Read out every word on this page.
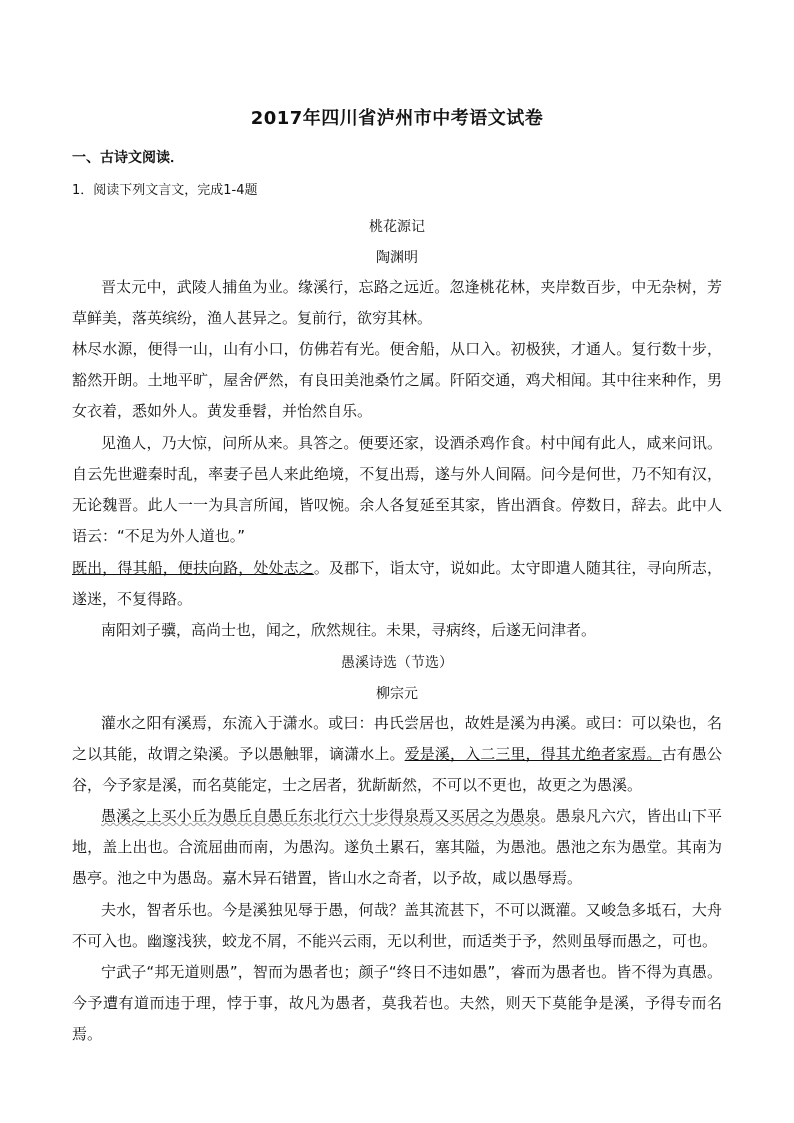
2017年四川省泸州市中考语文试卷
一、古诗文阅读．
1．阅读下列文言文，完成1-4题
桃花源记
陶渊明
晋太元中，武陵人捕鱼为业。缘溪行，忘路之远近。忽逢桃花林，夹岸数百步，中无杂树，芳草鲜美，落英缤纷，渔人甚异之。复前行，欲穷其林。
林尽水源，便得一山，山有小口，仿佛若有光。便舍船，从口入。初极狭，才通人。复行数十步，豁然开朗。土地平旷，屋舍俨然，有良田美池桑竹之属。阡陌交通，鸡犬相闻。其中往来种作，男女衣着，悉如外人。黄发垂髫，并怡然自乐。
见渔人，乃大惊，问所从来。具答之。便要还家，设酒杀鸡作食。村中闻有此人，咸来问讯。自云先世避秦时乱，率妻子邑人来此绝境，不复出焉，遂与外人间隔。问今是何世，乃不知有汉，无论魏晋。此人一一为具言所闻，皆叹惋。余人各复延至其家，皆出酒食。停数日，辞去。此中人语云：“不足为外人道也。”
既出，得其船，便扶向路，处处志之。及郡下，诣太守，说如此。太守即遣人随其往，寻向所志，遂迷，不复得路。
南阳刘子骥，高尚士也，闻之，欣然规往。未果，寻病终，后遂无问津者。
愚溪诗选（节选）
柳宗元
灌水之阳有溪焉，东流入于潇水。或曰：冉氏尝居也，故姓是溪为冉溪。或曰：可以染也，名之以其能，故谓之染溪。予以愚触罪，谪潇水上。爱是溪，入二三里，得其尤绝者家焉。古有愚公谷，今予家是溪，而名莫能定，士之居者，犹龂龂然，不可以不更也，故更之为愚溪。
愚溪之上买小丘为愚丘自愚丘东北行六十步得泉焉又买居之为愚泉。愚泉凡六穴，皆出山下平地，盖上出也。合流屈曲而南，为愚沟。遂负土累石，塞其隘，为愚池。愚池之东为愚堂。其南为愚亭。池之中为愚岛。嘉木异石错置，皆山水之奇者，以予故，咸以愚辱焉。
夫水，智者乐也。今是溪独见辱于愚，何哉？盖其流甚下，不可以溉灌。又峻急多坻石，大舟不可入也。幽邃浅狭，蛟龙不屑，不能兴云雨，无以利世，而适类于予，然则虽辱而愚之，可也。
宁武子“邦无道则愚”，智而为愚者也；颜子“终日不违如愚”，睿而为愚者也。皆不得为真愚。今予遭有道而违于理，悖于事，故凡为愚者，莫我若也。夫然，则天下莫能争是溪，予得专而名焉。
